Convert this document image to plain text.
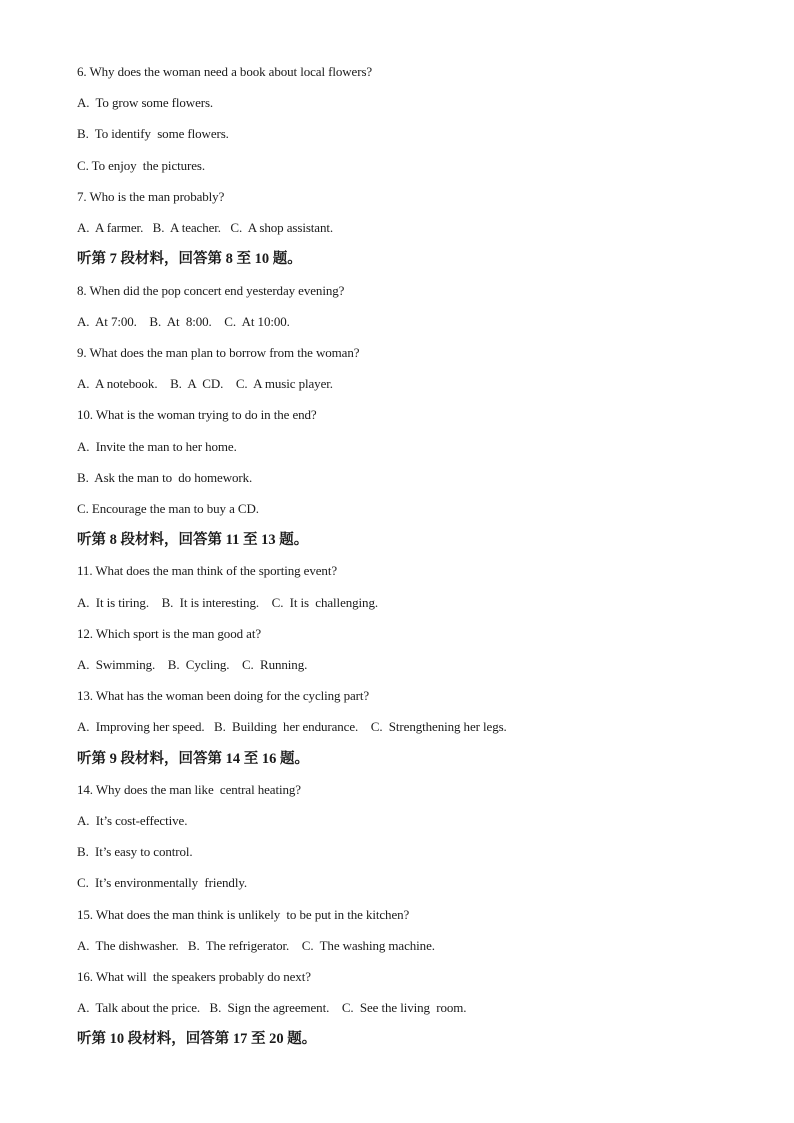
6. Why does the woman need a book about local flowers?
A.  To grow some flowers.
B.  To identify  some flowers.
C. To enjoy  the pictures.
7. Who is the man probably?
A.  A farmer.   B.  A teacher.   C.  A shop assistant.
听第 7 段材料，回答第 8 至 10 题。
8. When did the pop concert end yesterday evening?
A.  At 7:00.    B.  At  8:00.    C.  At 10:00.
9. What does the man plan to borrow from the woman?
A.  A notebook.    B.  A  CD.    C.  A music player.
10. What is the woman trying to do in the end?
A.  Invite the man to her home.
B.  Ask the man to  do homework.
C. Encourage the man to buy a CD.
听第 8 段材料，回答第 11 至 13 题。
11. What does the man think of the sporting event?
A.  It is tiring.    B.  It is interesting.    C.  It is  challenging.
12. Which sport is the man good at?
A.  Swimming.    B.  Cycling.    C.  Running.
13. What has the woman been doing for the cycling part?
A.  Improving her speed.   B.  Building  her endurance.    C.  Strengthening her legs.
听第 9 段材料，回答第 14 至 16 题。
14. Why does the man like  central heating?
A.  It’s cost-effective.
B.  It’s easy to control.
C.  It’s environmentally  friendly.
15. What does the man think is unlikely  to be put in the kitchen?
A.  The dishwasher.   B.  The refrigerator.    C.  The washing machine.
16. What will  the speakers probably do next?
A.  Talk about the price.   B.  Sign the agreement.    C.  See the living  room.
听第 10 段材料，回答第 17 至 20 题。
